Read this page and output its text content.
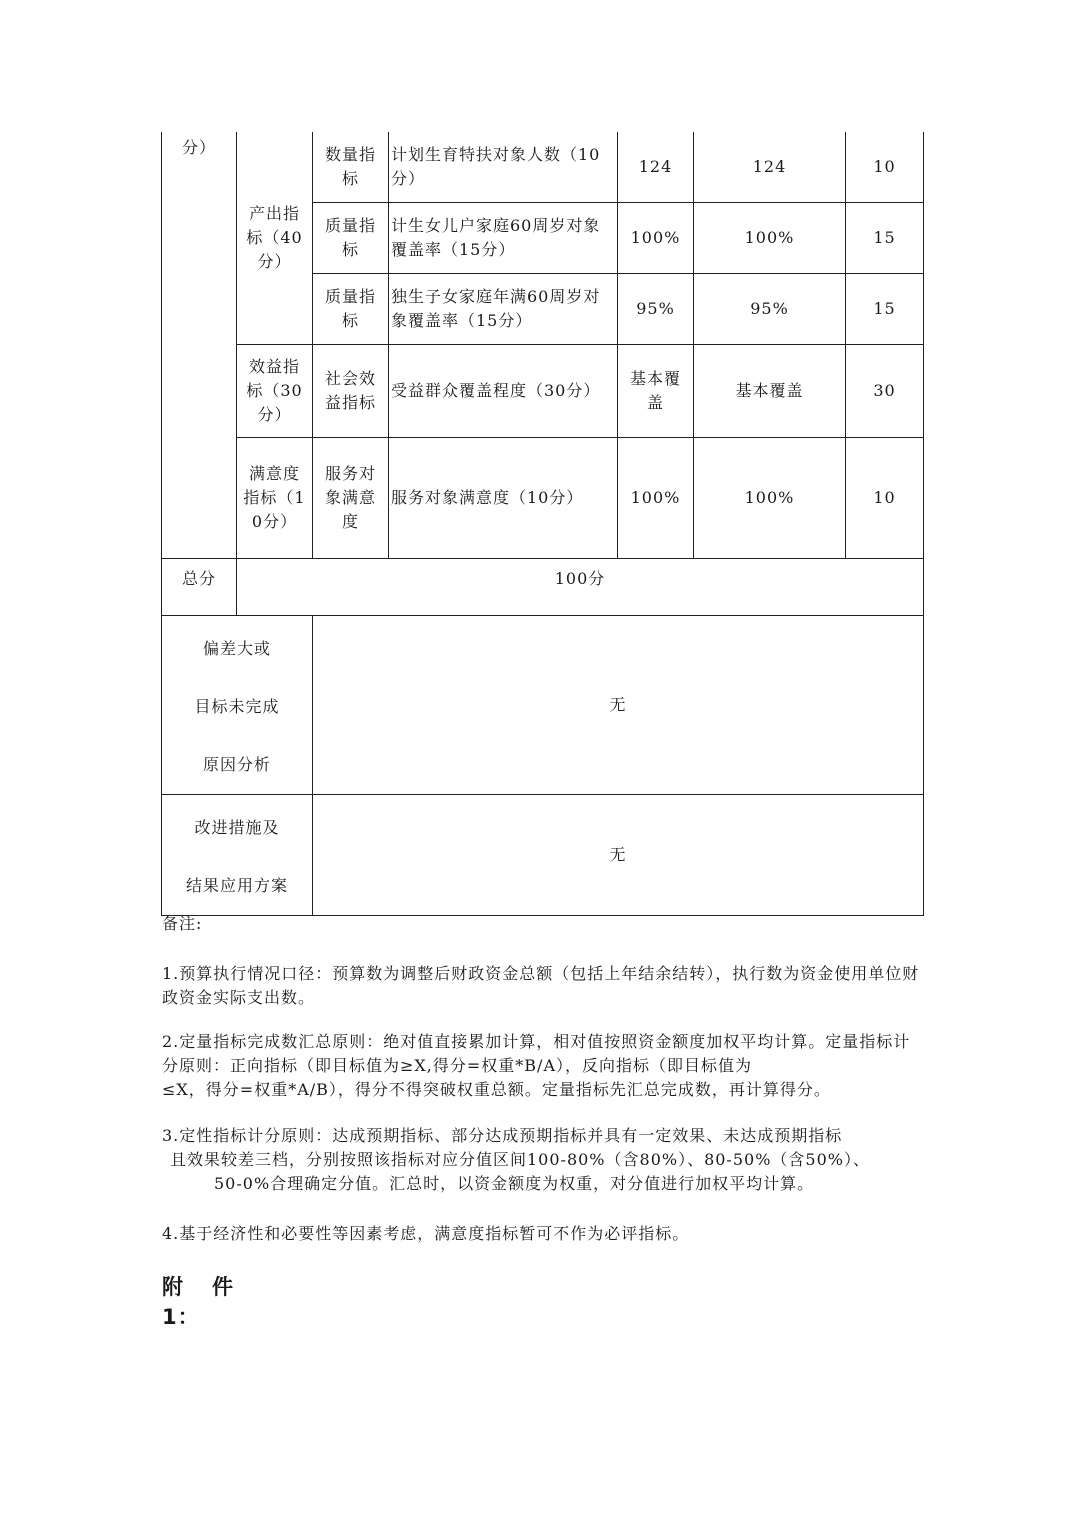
分）	产出指标（40分）	数量指标	计划生育特扶对象人数（10分）	124	124	10
		质量指标	计生女儿户家庭60周岁对象覆盖率（15分）	100%	100%	15
		质量指标	独生子女家庭年满60周岁对象覆盖率（15分）	95%	95%	15
	效益指标（30分）	社会效益指标	受益群众覆盖程度（30分）	基本覆盖	基本覆盖	30
	满意度指标（10分）	服务对象满意度	服务对象满意度（10分）	100%	100%	10
总分	100分					

偏差大或
目标未完成
原因分析		无				

改进措施及
结果应用方案		无				
备注:
1.预算执行情况口径：预算数为调整后财政资金总额（包括上年结余结转），执行数为资金使用单位财政资金实际支出数。

2.定量指标完成数汇总原则：绝对值直接累加计算，相对值按照资金额度加权平均计算。定量指标计分原则：正向指标（即目标值为≥X,得分=权重*B/A），反向指标（即目标值为

≤X，得分=权重*A/B），得分不得突破权重总额。定量指标先汇总完成数，再计算得分。

3.定性指标计分原则：达成预期指标、部分达成预期指标并具有一定效果、未达成预期指标

且效果较差三档，分别按照该指标对应分值区间100-80%（含80%）、80-50%（含50%）、

50-0%合理确定分值。汇总时，以资金额度为权重，对分值进行加权平均计算。

4.基于经济性和必要性等因素考虑，满意度指标暂可不作为必评指标。
附 件
1：
